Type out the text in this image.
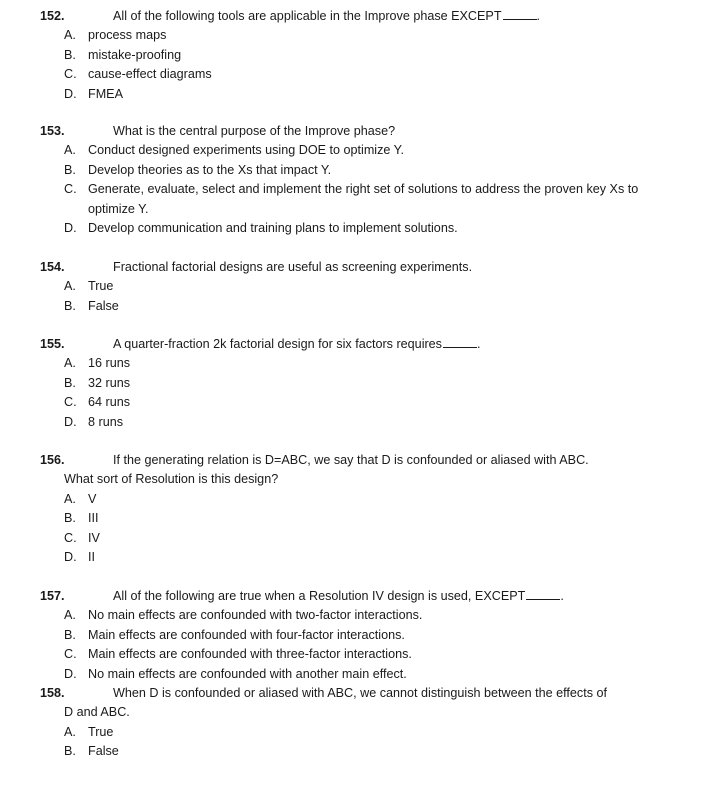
152.	All of the following tools are applicable in the Improve phase EXCEPT	.
A. process maps
B. mistake-proofing
C. cause-effect diagrams
D. FMEA
153.	What is the central purpose of the Improve phase?
A. Conduct designed experiments using DOE to optimize Y.
B. Develop theories as to the Xs that impact Y.
C. Generate, evaluate, select and implement the right set of solutions to address the proven key Xs to optimize Y.
D. Develop communication and training plans to implement solutions.
154.	Fractional factorial designs are useful as screening experiments.
A. True
B. False
155.	A quarter-fraction 2k factorial design for six factors requires	.
A. 16 runs
B. 32 runs
C. 64 runs
D. 8 runs
156.	If the generating relation is D=ABC, we say that D is confounded or aliased with ABC.
What sort of Resolution is this design?
A. V
B. III
C. IV
D. II
157.	All of the following are true when a Resolution IV design is used, EXCEPT	.
A. No main effects are confounded with two-factor interactions.
B. Main effects are confounded with four-factor interactions.
C. Main effects are confounded with three-factor interactions.
D. No main effects are confounded with another main effect.
158.	When D is confounded or aliased with ABC, we cannot distinguish between the effects of
D and ABC.
A. True
B. False
